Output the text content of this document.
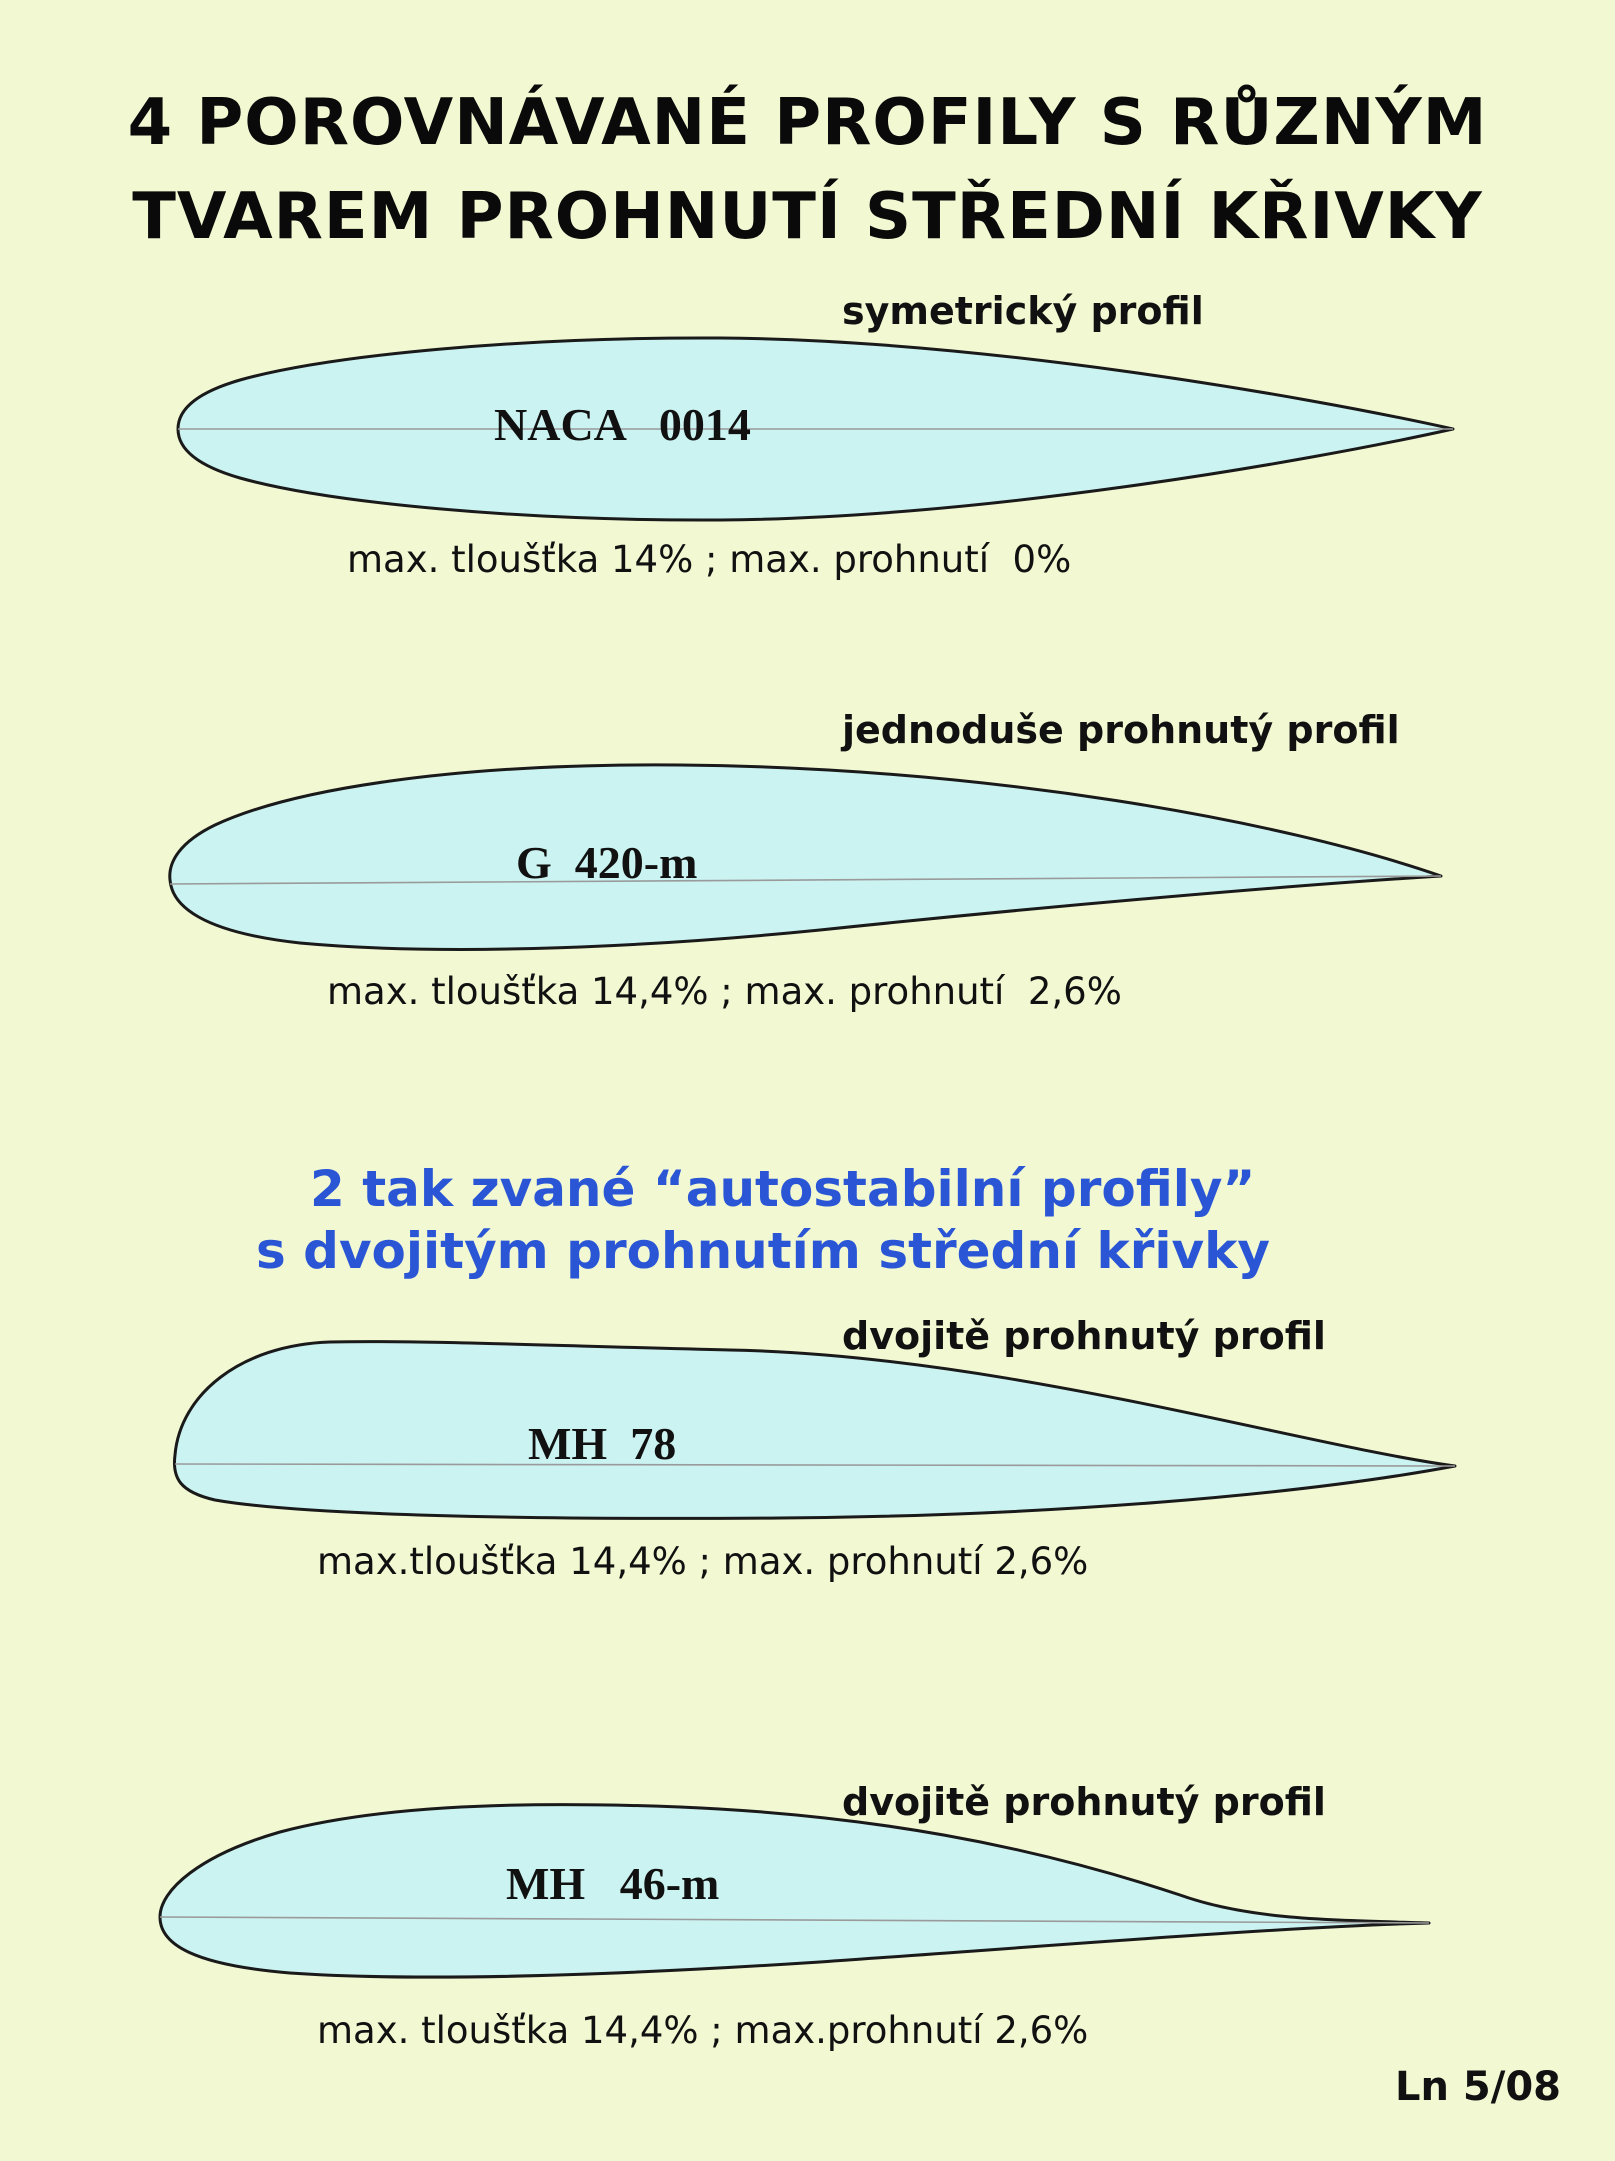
4 POROVNÁVANÉ PROFILY S RŮZNÝM
TVAREM PROHNUTÍ STŘEDNÍ KŘIVKY
symetrický profil
NACA   0014
max. tloušťka 14% ; max. prohnutí  0%
jednoduše prohnutý profil
G  420-m
max. tloušťka 14,4% ; max. prohnutí  2,6%
2 tak zvané “autostabilní profily”
s dvojitým prohnutím střední křivky
dvojitě prohnutý profil
MH  78
max.tloušťka 14,4% ; max. prohnutí 2,6%
dvojitě prohnutý profil
MH   46-m
max. tloušťka 14,4% ; max.prohnutí 2,6%
Ln 5/08
